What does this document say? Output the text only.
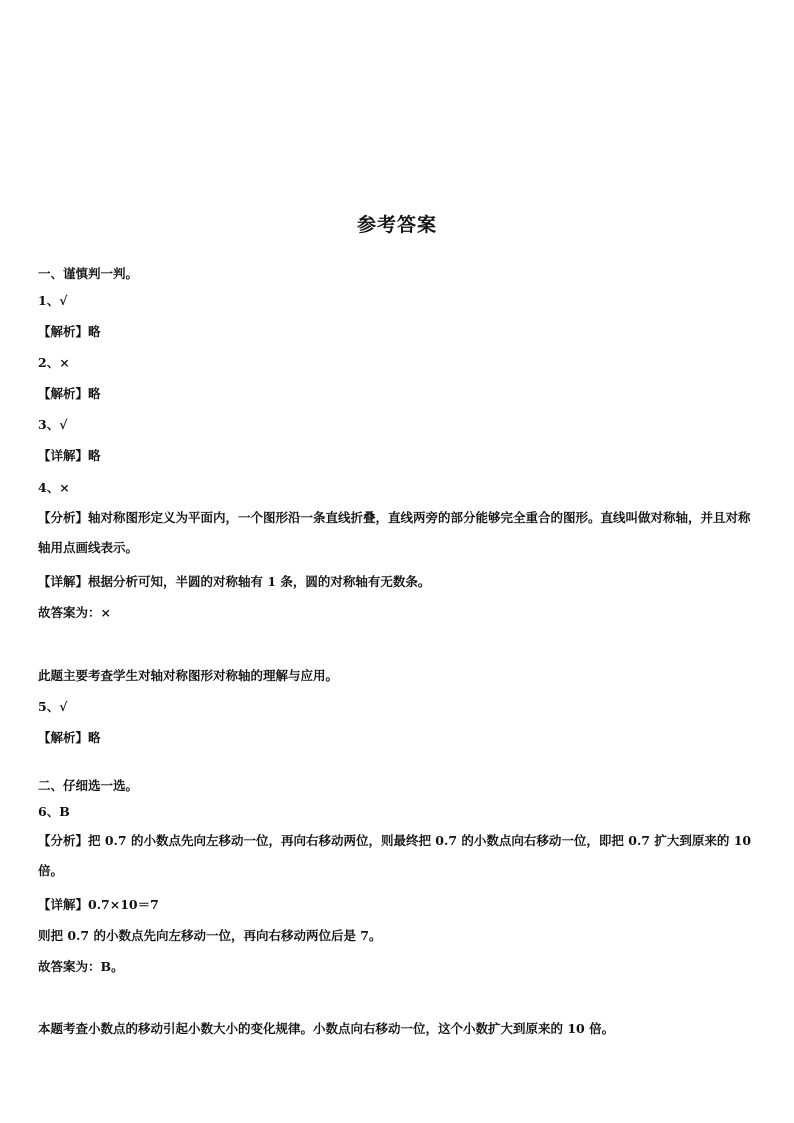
参考答案
一、谨慎判一判。
1、√
【解析】略
2、×
【解析】略
3、√
【详解】略
4、×
【分析】轴对称图形定义为平面内，一个图形沿一条直线折叠，直线两旁的部分能够完全重合的图形。直线叫做对称轴，并且对称轴用点画线表示。
【详解】根据分析可知，半圆的对称轴有 1 条，圆的对称轴有无数条。
故答案为：×
此题主要考查学生对轴对称图形对称轴的理解与应用。
5、√
【解析】略
二、仔细选一选。
6、B
【分析】把 0.7 的小数点先向左移动一位，再向右移动两位，则最终把 0.7 的小数点向右移动一位，即把 0.7 扩大到原来的 10 倍。
【详解】0.7×10＝7
则把 0.7 的小数点先向左移动一位，再向右移动两位后是 7。
故答案为：B。
本题考查小数点的移动引起小数大小的变化规律。小数点向右移动一位，这个小数扩大到原来的 10 倍。
